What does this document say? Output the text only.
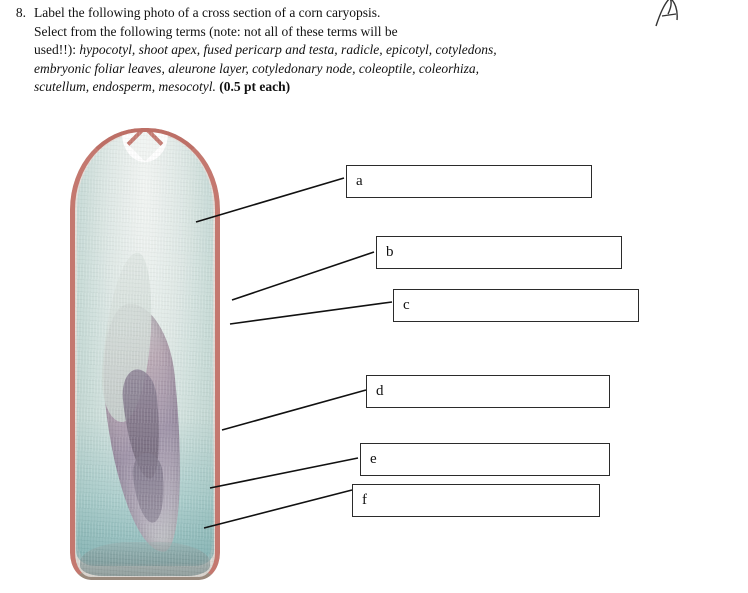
8. Label the following photo of a cross section of a corn caryopsis.
Select from the following terms (note: not all of these terms will be
used!!): hypocotyl, shoot apex, fused pericarp and testa, radicle, epicotyl, cotyledons,
embryonic foliar leaves, aleurone layer, cotyledonary node, coleoptile, coleorhiza,
scutellum, endosperm, mesocotyl. (0.5 pt each)
a
b
c
d
e
f
